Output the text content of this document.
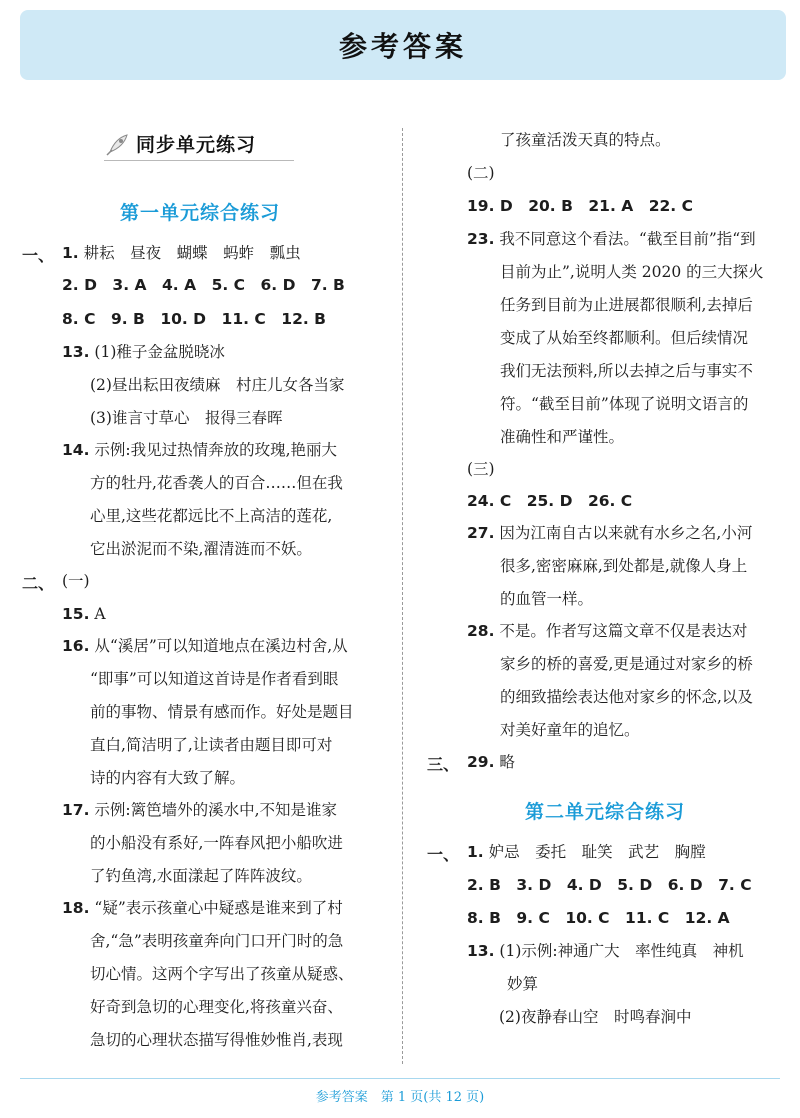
参考答案
同步单元练习
第一单元综合练习
一、 1. 耕耘　昼夜　蝴蝶　蚂蚱　瓢虫
2. D　3. A　4. A　5. C　6. D　7. B
8. C　9. B　10. D　11. C　12. B
13. (1)稚子金盆脱晓冰
(2)昼出耘田夜绩麻　村庄儿女各当家
(3)谁言寸草心　报得三春晖
14. 示例:我见过热情奔放的玫瑰,艳丽大
方的牡丹,花香袭人的百合……但在我
心里,这些花都远比不上高洁的莲花,
它出淤泥而不染,濯清涟而不妖。
二、 (一)
15. A
16. 从“溪居”可以知道地点在溪边村舍,从
“即事”可以知道这首诗是作者看到眼
前的事物、情景有感而作。好处是题目
直白,简洁明了,让读者由题目即可对
诗的内容有大致了解。
17. 示例:篱笆墙外的溪水中,不知是谁家
的小船没有系好,一阵春风把小船吹进
了钓鱼湾,水面漾起了阵阵波纹。
18. “疑”表示孩童心中疑惑是谁来到了村
舍,“急”表明孩童奔向门口开门时的急
切心情。这两个字写出了孩童从疑惑、
好奇到急切的心理变化,将孩童兴奋、
急切的心理状态描写得惟妙惟肖,表现
了孩童活泼天真的特点。
(二)
19. D　20. B　21. A　22. C
23. 我不同意这个看法。“截至目前”指“到
目前为止”,说明人类 2020 的三大探火
任务到目前为止进展都很顺利,去掉后
变成了从始至终都顺利。但后续情况
我们无法预料,所以去掉之后与事实不
符。“截至目前”体现了说明文语言的
准确性和严谨性。
(三)
24. C　25. D　26. C
27. 因为江南自古以来就有水乡之名,小河
很多,密密麻麻,到处都是,就像人身上
的血管一样。
28. 不是。作者写这篇文章不仅是表达对
家乡的桥的喜爱,更是通过对家乡的桥
的细致描绘表达他对家乡的怀念,以及
对美好童年的追忆。
三、 29. 略
第二单元综合练习
一、 1. 妒忌　委托　耻笑　武艺　胸膛
2. B　3. D　4. D　5. D　6. D　7. C
8. B　9. C　10. C　11. C　12. A
13. (1)示例:神通广大　率性纯真　神机
妙算
(2)夜静春山空　时鸣春涧中
参考答案　第 1 页(共 12 页)
